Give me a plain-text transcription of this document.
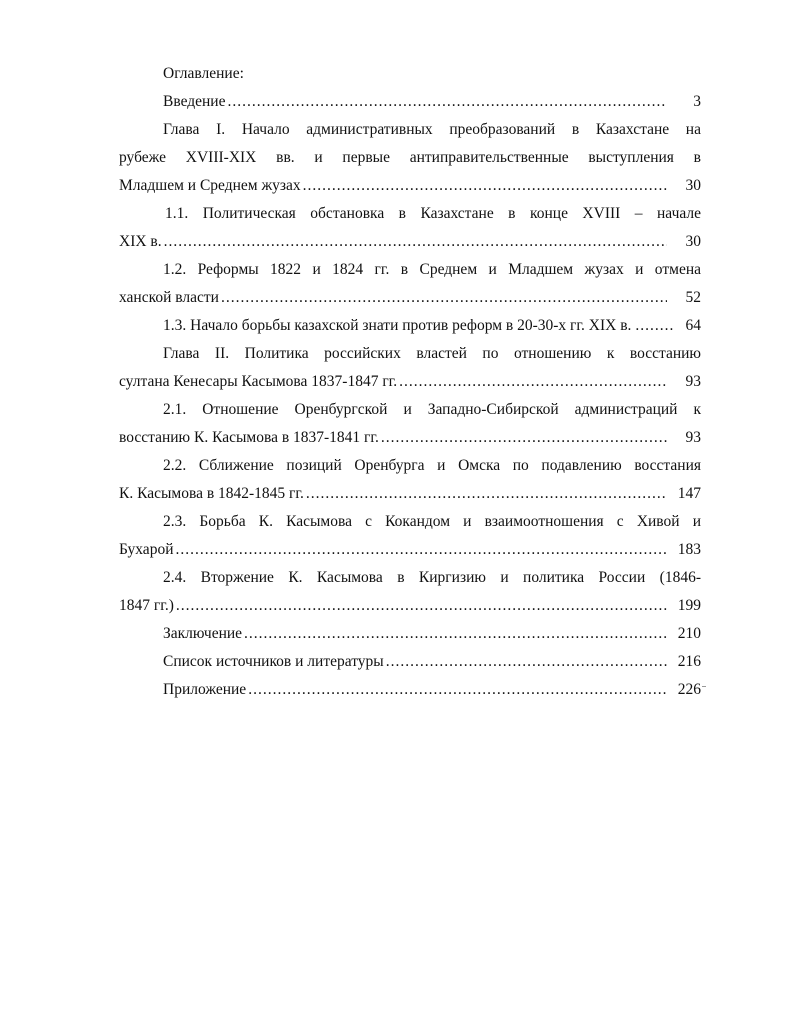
Оглавление:
Введение .....	3
Глава I. Начало административных преобразований в Казахстане на
рубеже XVIII-XIX вв. и первые антиправительственные выступления в
Младшем и Среднем жузах .....	30
1.1. Политическая обстановка в Казахстане в конце XVIII – начале
XIX в. .....	30
1.2. Реформы 1822 и 1824 гг. в Среднем и Младшем жузах и отмена
ханской власти .....	52
1.3. Начало борьбы казахской знати против реформ в 20-30-х гг. XIX в. .....	64
Глава II. Политика российских властей по отношению к восстанию
султана Кенесары Касымова 1837-1847 гг. .....	93
2.1. Отношение Оренбургской и Западно-Сибирской администраций к
восстанию К. Касымова в 1837-1841 гг. .....	93
2.2. Сближение позиций Оренбурга и Омска по подавлению восстания
К. Касымова в 1842-1845 гг. .....	147
2.3. Борьба К. Касымова с Кокандом и взаимоотношения с Хивой и
Бухарой .....	183
2.4. Вторжение К. Касымова в Киргизию и политика России (1846-
1847 гг.) .....	199
Заключение .....	210
Список источников и литературы .....	216
Приложение .....	226
